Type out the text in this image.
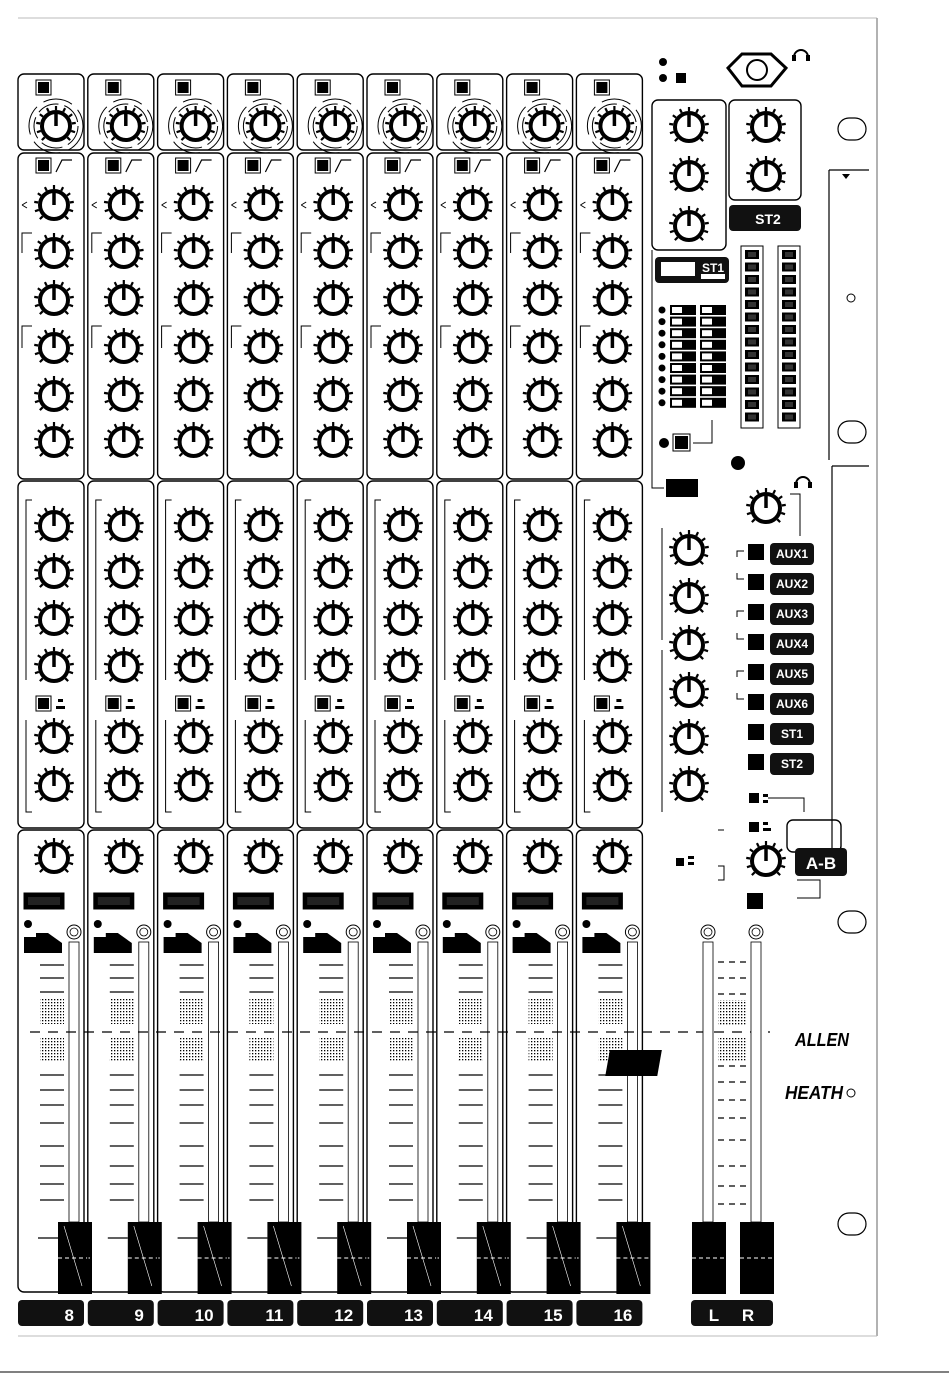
8	9	10	11	12	13	14	15	16	L R
ST2
ST1
AUX1
AUX2
AUX3
AUX4
AUX5
AUX6
ST1
ST2
A-B
ALLEN
&
HEATH
